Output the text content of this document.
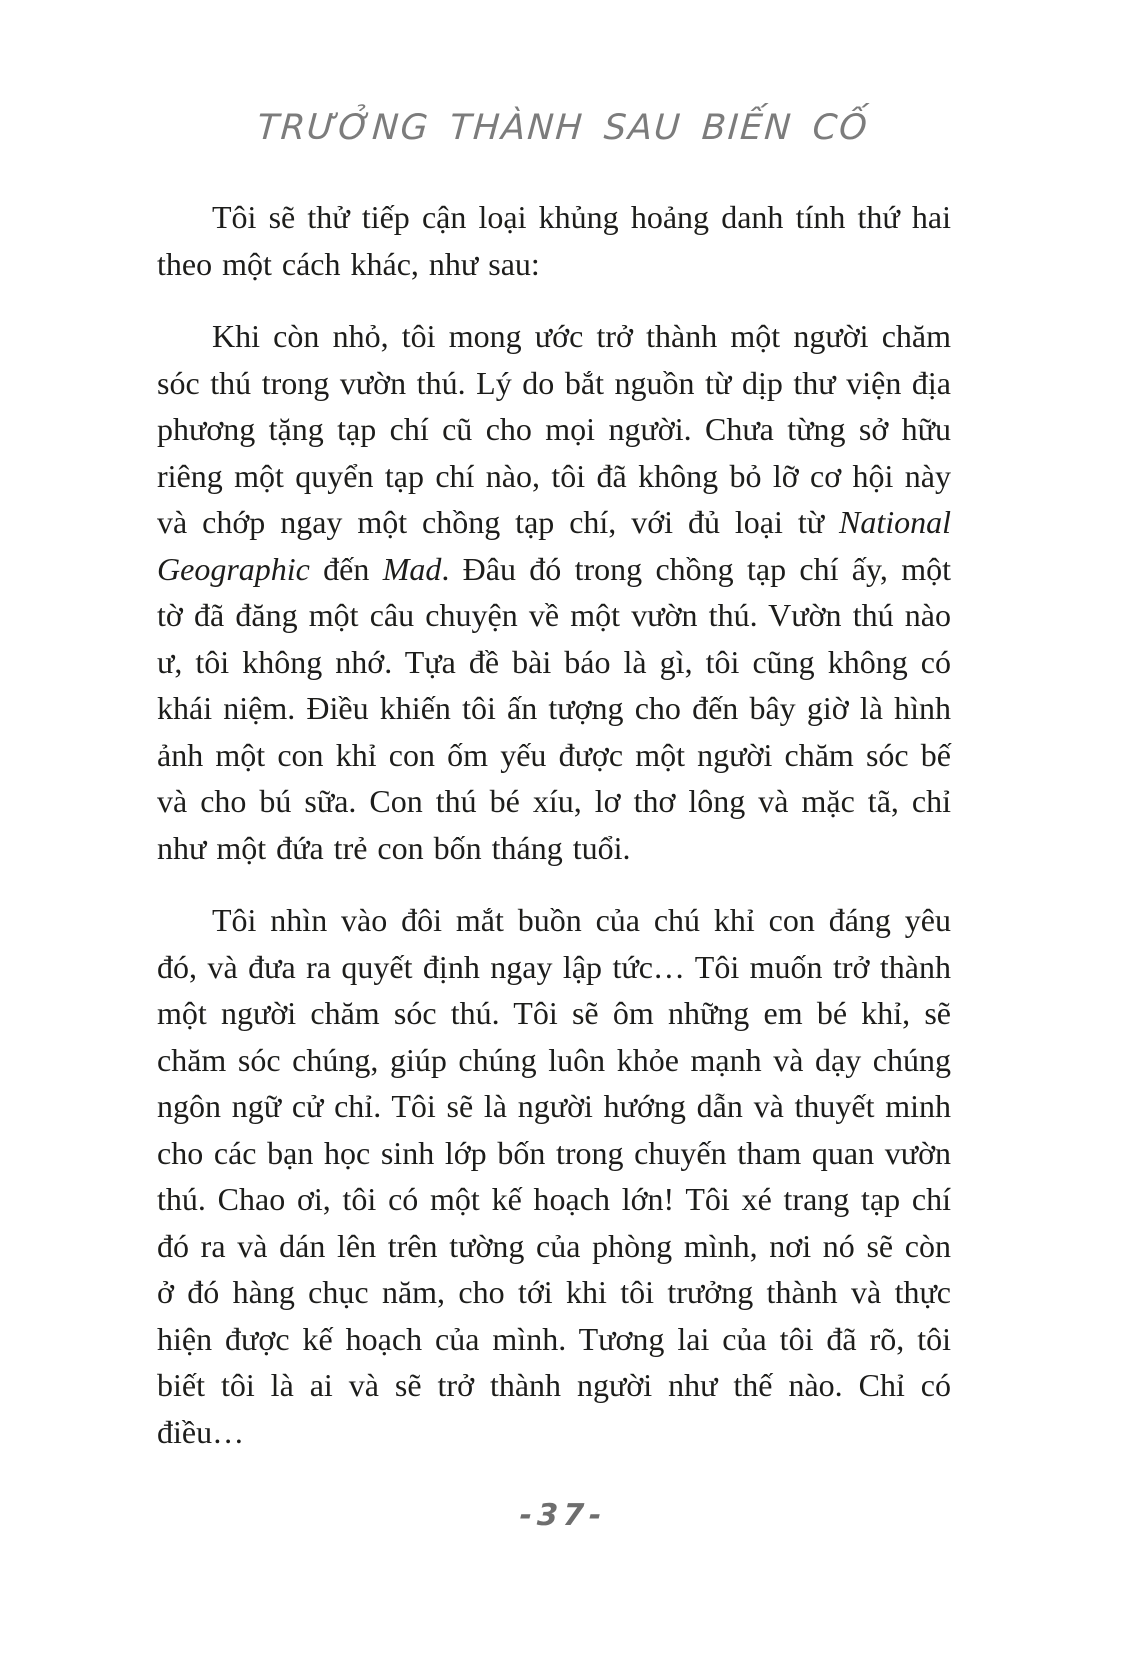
TRƯỞNG THÀNH SAU BIẾN CỐ

Tôi sẽ thử tiếp cận loại khủng hoảng danh tính thứ hai theo một cách khác, như sau:

Khi còn nhỏ, tôi mong ước trở thành một người chăm sóc thú trong vườn thú. Lý do bắt nguồn từ dịp thư viện địa phương tặng tạp chí cũ cho mọi người. Chưa từng sở hữu riêng một quyển tạp chí nào, tôi đã không bỏ lỡ cơ hội này và chớp ngay một chồng tạp chí, với đủ loại từ National Geographic đến Mad. Đâu đó trong chồng tạp chí ấy, một tờ đã đăng một câu chuyện về một vườn thú. Vườn thú nào ư, tôi không nhớ. Tựa đề bài báo là gì, tôi cũng không có khái niệm. Điều khiến tôi ấn tượng cho đến bây giờ là hình ảnh một con khỉ con ốm yếu được một người chăm sóc bế và cho bú sữa. Con thú bé xíu, lơ thơ lông và mặc tã, chỉ như một đứa trẻ con bốn tháng tuổi.

Tôi nhìn vào đôi mắt buồn của chú khỉ con đáng yêu đó, và đưa ra quyết định ngay lập tức… Tôi muốn trở thành một người chăm sóc thú. Tôi sẽ ôm những em bé khỉ, sẽ chăm sóc chúng, giúp chúng luôn khỏe mạnh và dạy chúng ngôn ngữ cử chỉ. Tôi sẽ là người hướng dẫn và thuyết minh cho các bạn học sinh lớp bốn trong chuyến tham quan vườn thú. Chao ơi, tôi có một kế hoạch lớn! Tôi xé trang tạp chí đó ra và dán lên trên tường của phòng mình, nơi nó sẽ còn ở đó hàng chục năm, cho tới khi tôi trưởng thành và thực hiện được kế hoạch của mình. Tương lai của tôi đã rõ, tôi biết tôi là ai và sẽ trở thành người như thế nào. Chỉ có điều…

-37-
